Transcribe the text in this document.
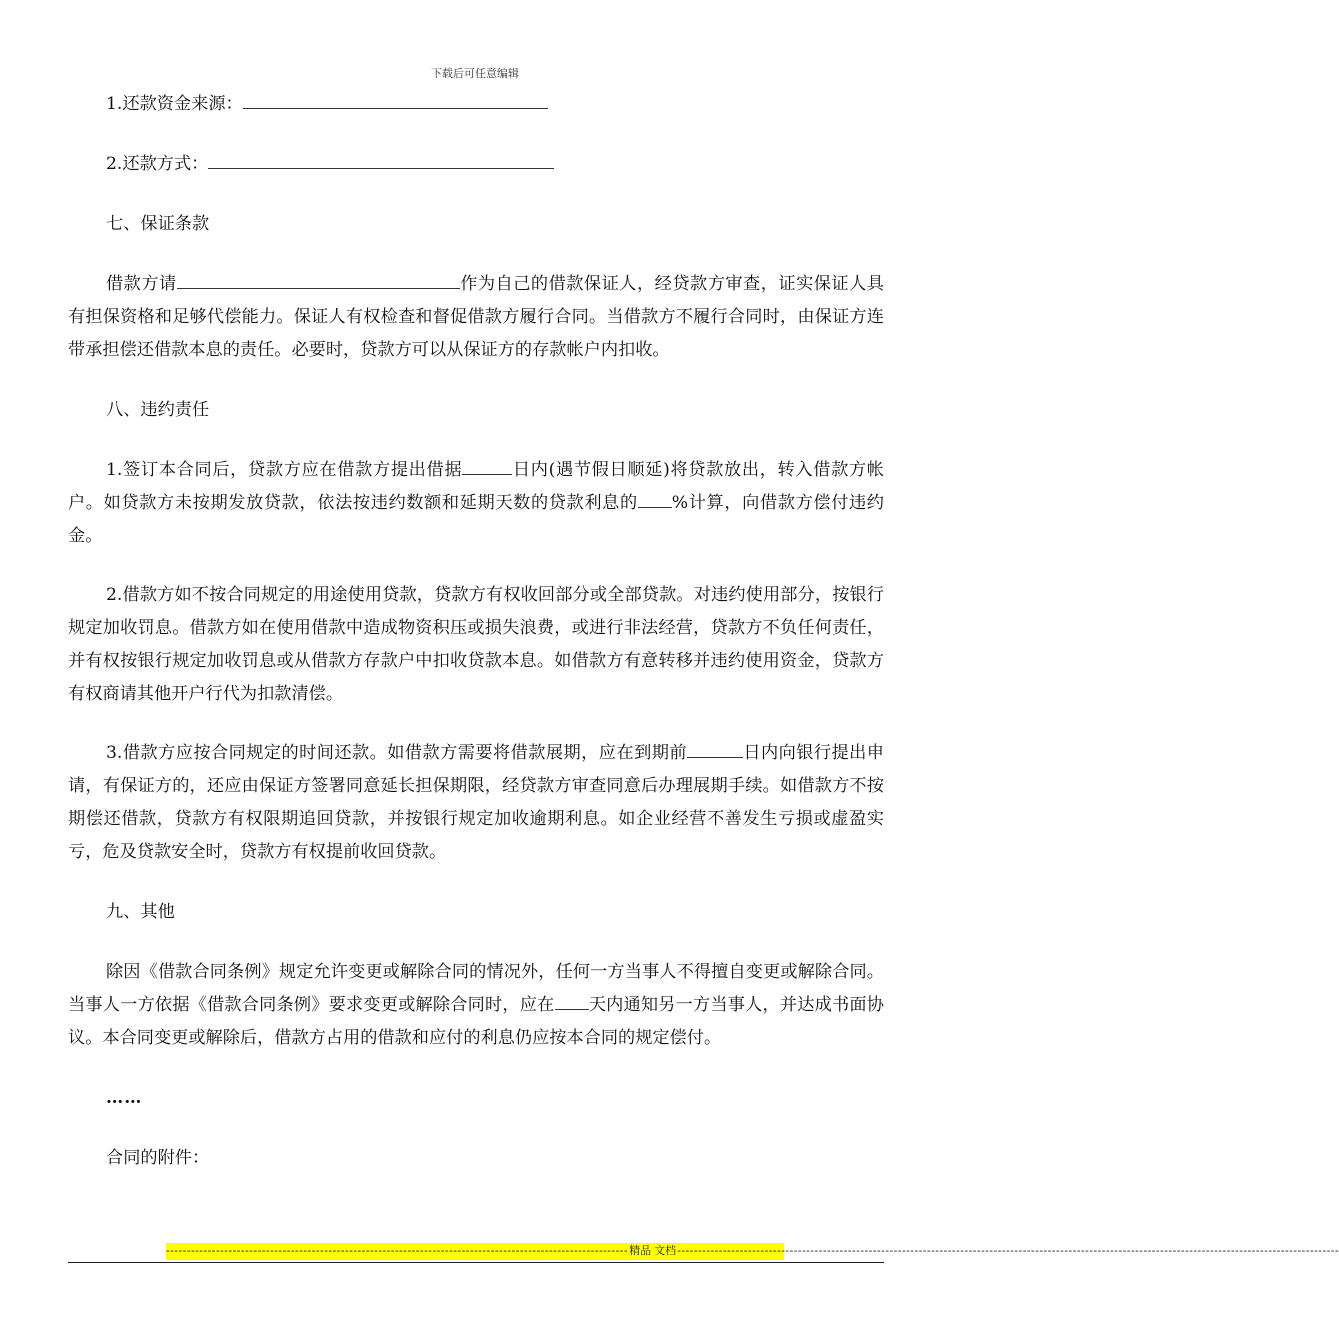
下载后可任意编辑

1.还款资金来源：

2.还款方式：

七、保证条款

借款方请	作为自己的借款保证人，经贷款方审查，证实保证人具有担保资格和足够代偿能力。保证人有权检查和督促借款方履行合同。当借款方不履行合同时，由保证方连带承担偿还借款本息的责任。必要时，贷款方可以从保证方的存款帐户内扣收。

八、违约责任

1.签订本合同后，贷款方应在借款方提出借据	日内(遇节假日顺延)将贷款放出，转入借款方帐户。如贷款方未按期发放贷款，依法按违约数额和延期天数的贷款利息的 %计算，向借款方偿付违约金。

2.借款方如不按合同规定的用途使用贷款，贷款方有权收回部分或全部贷款。对违约使用部分，按银行规定加收罚息。借款方如在使用借款中造成物资积压或损失浪费，或进行非法经营，贷款方不负任何责任，并有权按银行规定加收罚息或从借款方存款户中扣收贷款本息。如借款方有意转移并违约使用资金，贷款方有权商请其他开户行代为扣款清偿。

3.借款方应按合同规定的时间还款。如借款方需要将借款展期，应在到期前	日内向银行提出申请，有保证方的，还应由保证方签署同意延长担保期限，经贷款方审查同意后办理展期手续。如借款方不按期偿还借款，贷款方有权限期追回贷款，并按银行规定加收逾期利息。如企业经营不善发生亏损或虚盈实亏，危及贷款安全时，贷款方有权提前收回贷款。

九、其他

除因《借款合同条例》规定允许变更或解除合同的情况外，任何一方当事人不得擅自变更或解除合同。当事人一方依据《借款合同条例》要求变更或解除合同时，应在 天内通知另一方当事人，并达成书面协议。本合同变更或解除后，借款方占用的借款和应付的利息仍应按本合同的规定偿付。

……

合同的附件：

--------------------------------------------------------------------------------------------------------------- 精品 文档 ---------------------------------------------------------------------------------------------------------------------------------------------------------------
